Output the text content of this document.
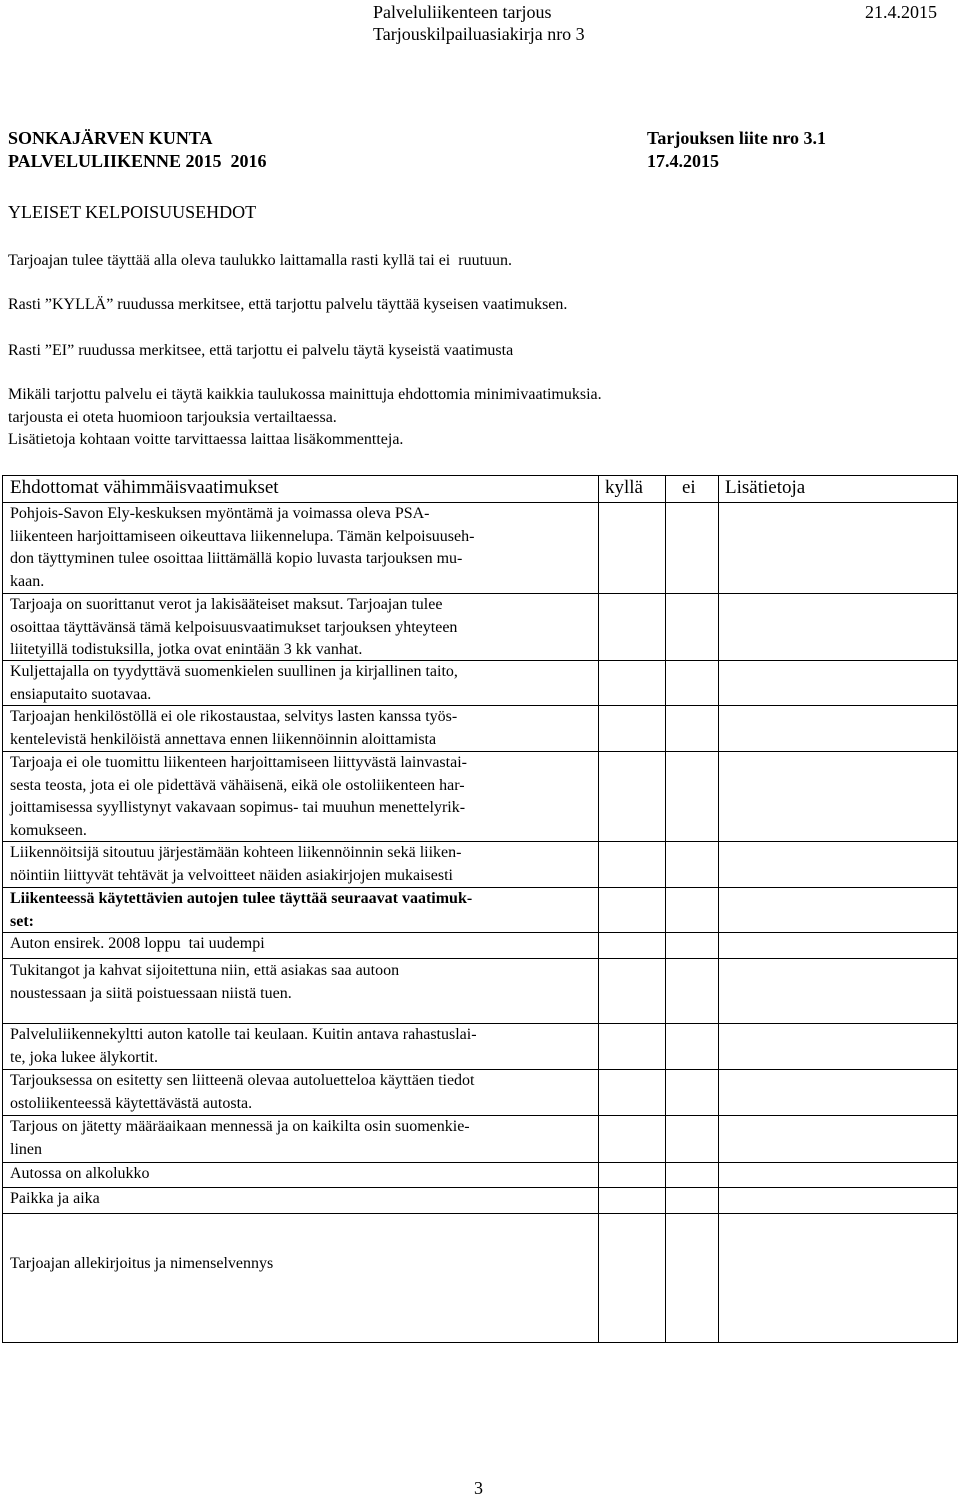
Palveluliikenteen tarjous	21.4.2015
Tarjouskilpailuasiakirja nro 3
SONKAJÄRVEN KUNTA
PALVELULIIKENNE 2015  2016
Tarjouksen liite nro 3.1
17.4.2015
YLEISET KELPOISUUSEHDOT
Tarjoajan tulee täyttää alla oleva taulukko laittamalla rasti kyllä tai ei  ruutuun.
Rasti ”KYLLÄ” ruudussa merkitsee, että tarjottu palvelu täyttää kyseisen vaatimuksen.
Rasti ”EI” ruudussa merkitsee, että tarjottu ei palvelu täytä kyseistä vaatimusta
Mikäli tarjottu palvelu ei täytä kaikkia taulukossa mainittuja ehdottomia minimivaatimuksia.
tarjousta ei oteta huomioon tarjouksia vertailtaessa.
Lisätietoja kohtaan voitte tarvittaessa laittaa lisäkommentteja.
Ehdottomat vähimmäisvaatimukset	kyllä ei Lisätietoja
Pohjois-Savon Ely-keskuksen myöntämä ja voimassa oleva PSA-
liikenteen harjoittamiseen oikeuttava liikennelupa. Tämän kelpoisuuseh-
don täyttyminen tulee osoittaa liittämällä kopio luvasta tarjouksen mu-
kaan.
Tarjoaja on suorittanut verot ja lakisääteiset maksut. Tarjoajan tulee
osoittaa täyttävänsä tämä kelpoisuusvaatimukset tarjouksen yhteyteen
liitetyillä todistuksilla, jotka ovat enintään 3 kk vanhat.
Kuljettajalla on tyydyttävä suomenkielen suullinen ja kirjallinen taito,
ensiaputaito suotavaa.
Tarjoajan henkilöstöllä ei ole rikostaustaa, selvitys lasten kanssa työs-
kentelevistä henkilöistä annettava ennen liikennöinnin aloittamista
Tarjoaja ei ole tuomittu liikenteen harjoittamiseen liittyvästä lainvastai-
sesta teosta, jota ei ole pidettävä vähäisenä, eikä ole ostoliikenteen har-
joittamisessa syyllistynyt vakavaan sopimus- tai muuhun menettelyrik-
komukseen.
Liikennöitsijä sitoutuu järjestämään kohteen liikennöinnin sekä liiken-
nöintiin liittyvät tehtävät ja velvoitteet näiden asiakirjojen mukaisesti
Liikenteessä käytettävien autojen tulee täyttää seuraavat vaatimuk-
set:
Auton ensirek. 2008 loppu  tai uudempi
Tukitangot ja kahvat sijoitettuna niin, että asiakas saa autoon
noustessaan ja siitä poistuessaan niistä tuen.
Palveluliikennekyltti auton katolle tai keulaan. Kuitin antava rahastuslai-
te, joka lukee älykortit.
Tarjouksessa on esitetty sen liitteenä olevaa autoluetteloa käyttäen tiedot
ostoliikenteessä käytettävästä autosta.
Tarjous on jätetty määräaikaan mennessä ja on kaikilta osin suomenkie-
linen
Autossa on alkolukko
Paikka ja aika
Tarjoajan allekirjoitus ja nimenselvennys
3
